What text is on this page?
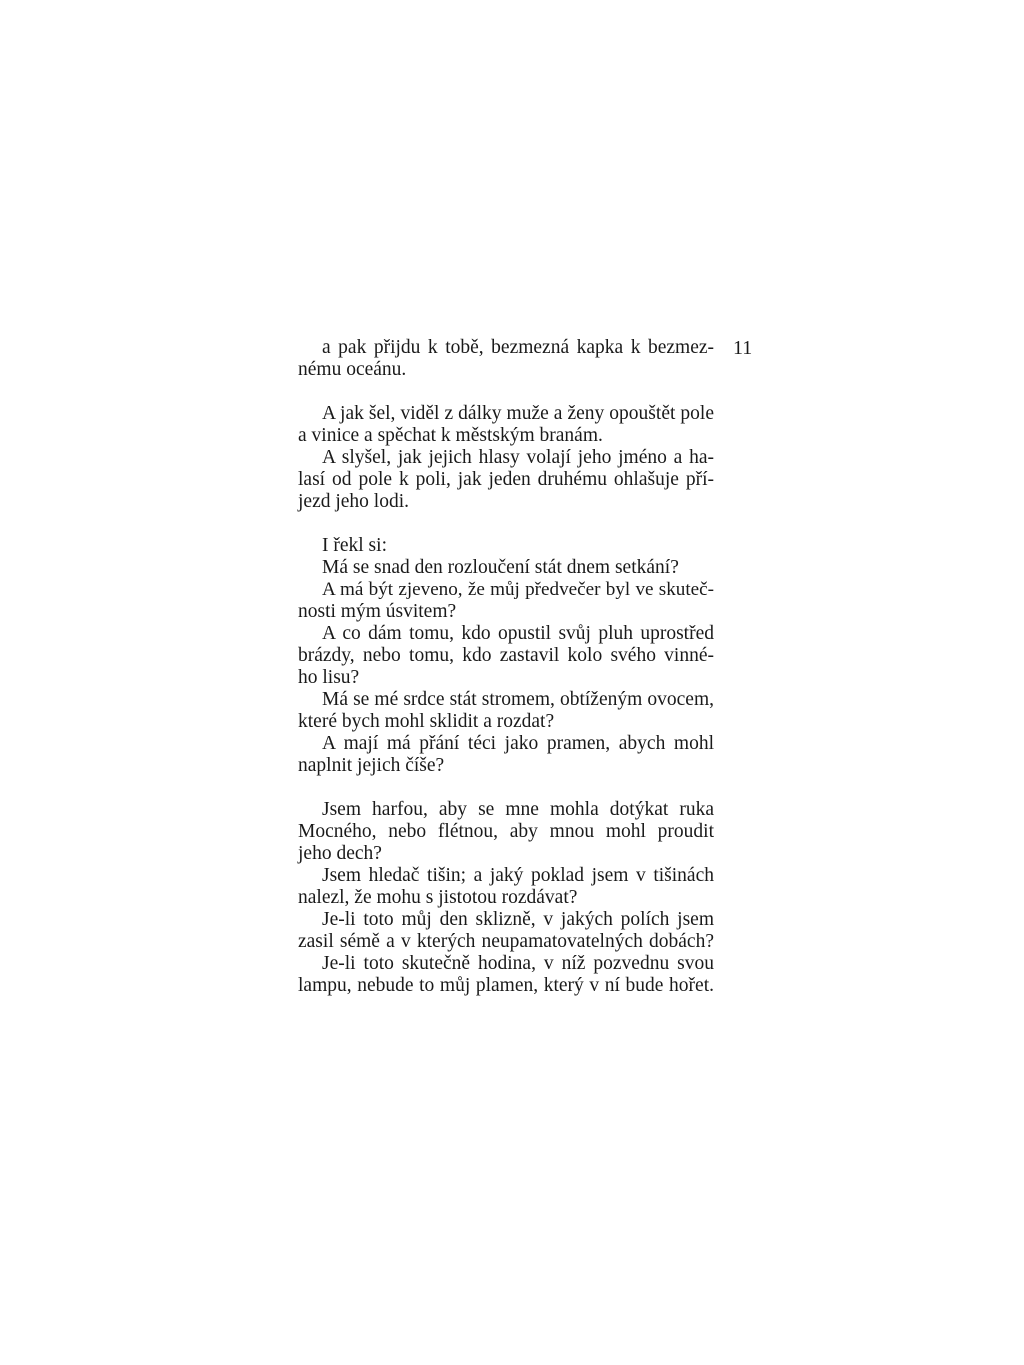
11
a pak přijdu k tobě, bezmezná kapka k bezmez-
nému oceánu.
A jak šel, viděl z dálky muže a ženy opouštět pole
a vinice a spěchat k městským branám.
A slyšel, jak jejich hlasy volají jeho jméno a ha-
lasí od pole k poli, jak jeden druhému ohlašuje pří-
jezd jeho lodi.
I řekl si:
Má se snad den rozloučení stát dnem setkání?
A má být zjeveno, že můj předvečer byl ve skuteč-
nosti mým úsvitem?
A co dám tomu, kdo opustil svůj pluh uprostřed
brázdy, nebo tomu, kdo zastavil kolo svého vinné-
ho lisu?
Má se mé srdce stát stromem, obtíženým ovocem,
které bych mohl sklidit a rozdat?
A mají má přání téci jako pramen, abych mohl
naplnit jejich číše?
Jsem harfou, aby se mne mohla dotýkat ruka
Mocného, nebo flétnou, aby mnou mohl proudit
jeho dech?
Jsem hledač tišin; a jaký poklad jsem v tišinách
nalezl, že mohu s jistotou rozdávat?
Je-li toto můj den sklizně, v jakých polích jsem
zasil sémě a v kterých neupamatovatelných dobách?
Je-li toto skutečně hodina, v níž pozvednu svou
lampu, nebude to můj plamen, který v ní bude hořet.
